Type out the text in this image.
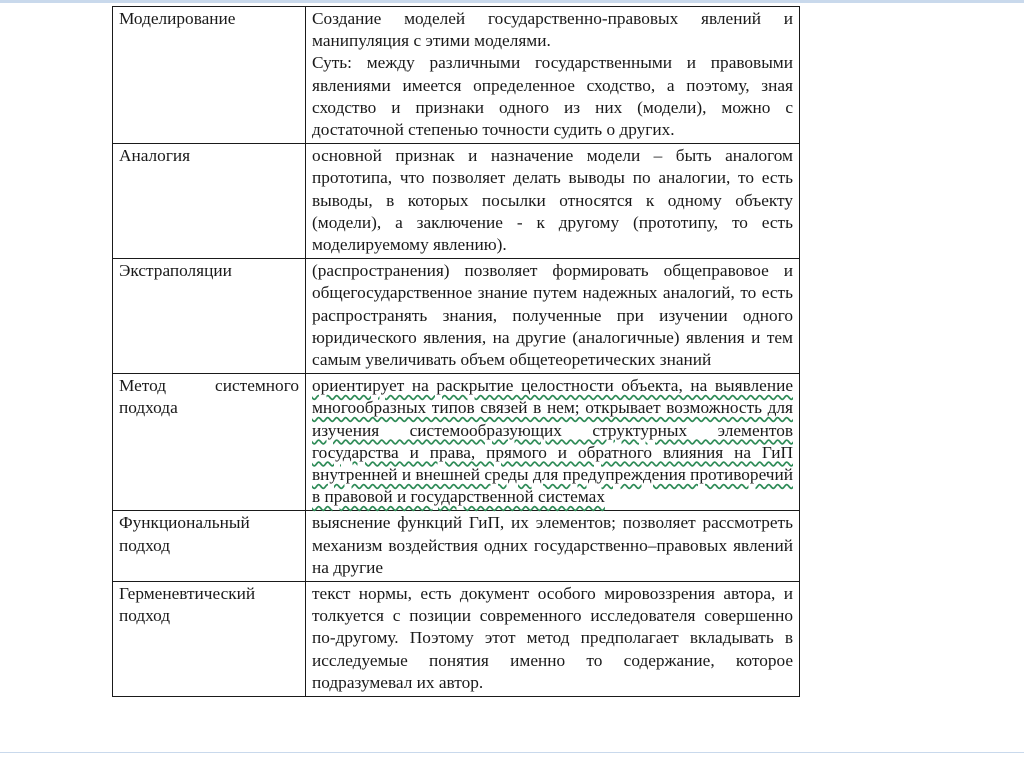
Моделирование	Создание моделей государственно-правовых явлений и манипуляция с этими моделями.
Суть: между различными государственными и правовыми явлениями имеется определенное сходство, а поэтому, зная сходство и признаки одного из них (модели), можно с достаточной степенью точности судить о других.

Аналогия	основной признак и назначение модели – быть аналогом прототипа, что позволяет делать выводы по аналогии, то есть выводы, в которых посылки относятся к одному объекту (модели), а заключение - к другому (прототипу, то есть моделируемому явлению).

Экстраполяции	(распространения) позволяет формировать общеправовое и общегосударственное знание путем надежных аналогий, то есть распространять знания, полученные при изучении одного юридического явления, на другие (аналогичные) явления и тем самым увеличивать объем общетеоретических знаний

Метод системного подхода	ориентирует на раскрытие целостности объекта, на выявление многообразных типов связей в нем; открывает возможность для изучения системообразующих структурных элементов государства и права, прямого и обратного влияния на ГиП внутренней и внешней среды для предупреждения противоречий в правовой и государственной системах

Функциональный подход	выяснение функций ГиП, их элементов; позволяет рассмотреть механизм воздействия одних государственно–правовых явлений на другие

Герменевтический подход	текст нормы, есть документ особого мировоззрения автора, и толкуется с позиции современного исследователя совершенно по-другому. Поэтому этот метод предполагает вкладывать в исследуемые понятия именно то содержание, которое подразумевал их автор.
